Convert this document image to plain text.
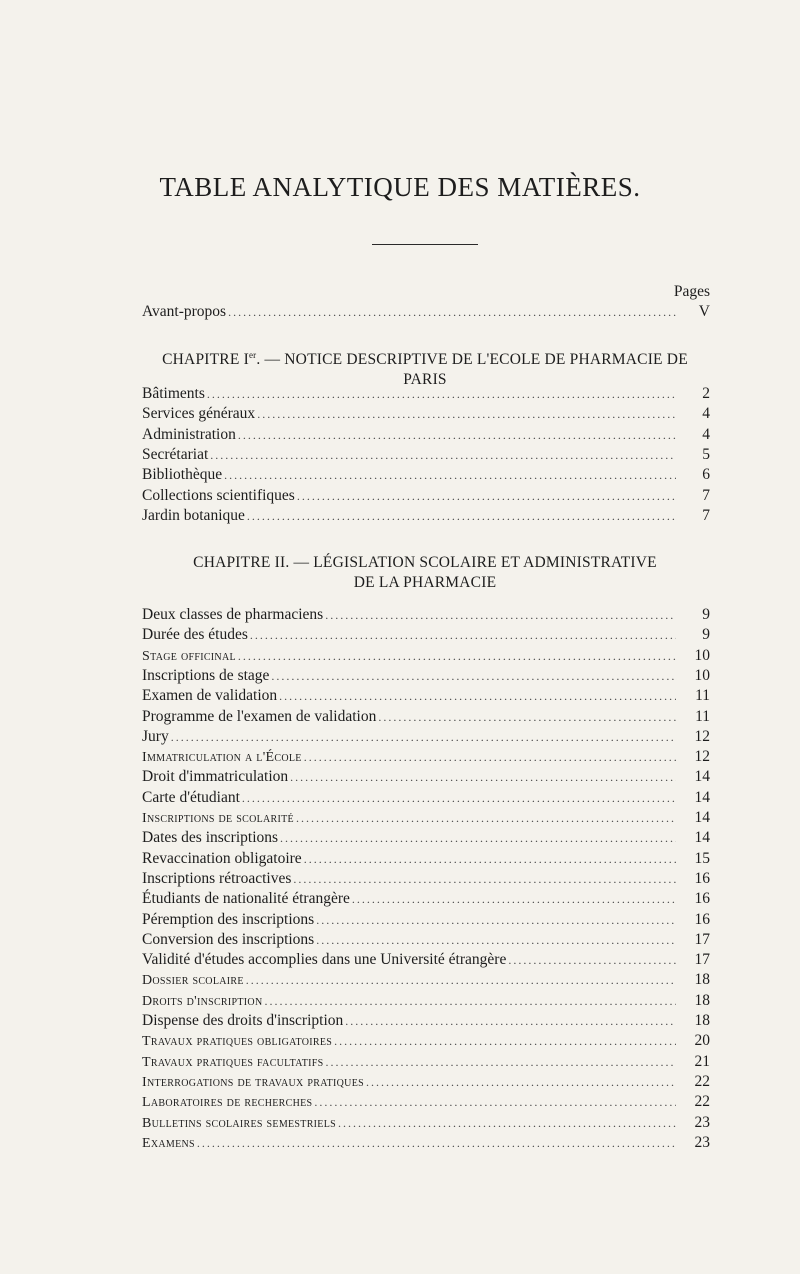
TABLE ANALYTIQUE DES MATIÈRES.
Pages
Avant-propos .....	V
CHAPITRE Ier. — NOTICE DESCRIPTIVE DE L'ECOLE DE PHARMACIE DE PARIS
Bâtiments .....	2
Services généraux .....	4
Administration .....	4
Secrétariat .....	5
Bibliothèque .....	6
Collections scientifiques .....	7
Jardin botanique .....	7
CHAPITRE II. — LÉGISLATION SCOLAIRE ET ADMINISTRATIVE
DE LA PHARMACIE
Deux classes de pharmaciens .....	9
Durée des études .....	9
Stage officinal .....	10
Inscriptions de stage .....	10
Examen de validation .....	11
Programme de l'examen de validation .....	11
Jury .....	12
Immatriculation a l'École .....	12
Droit d'immatriculation .....	14
Carte d'étudiant .....	14
Inscriptions de scolarité .....	14
Dates des inscriptions .....	14
Revaccination obligatoire .....	15
Inscriptions rétroactives .....	16
Étudiants de nationalité étrangère .....	16
Péremption des inscriptions .....	16
Conversion des inscriptions .....	17
Validité d'études accomplies dans une Université étrangère .....	17
Dossier scolaire .....	18
Droits d'inscription .....	18
Dispense des droits d'inscription .....	18
Travaux pratiques obligatoires .....	20
Travaux pratiques facultatifs .....	21
Interrogations de travaux pratiques .....	22
Laboratoires de recherches .....	22
Bulletins scolaires semestriels .....	23
Examens .....	23
